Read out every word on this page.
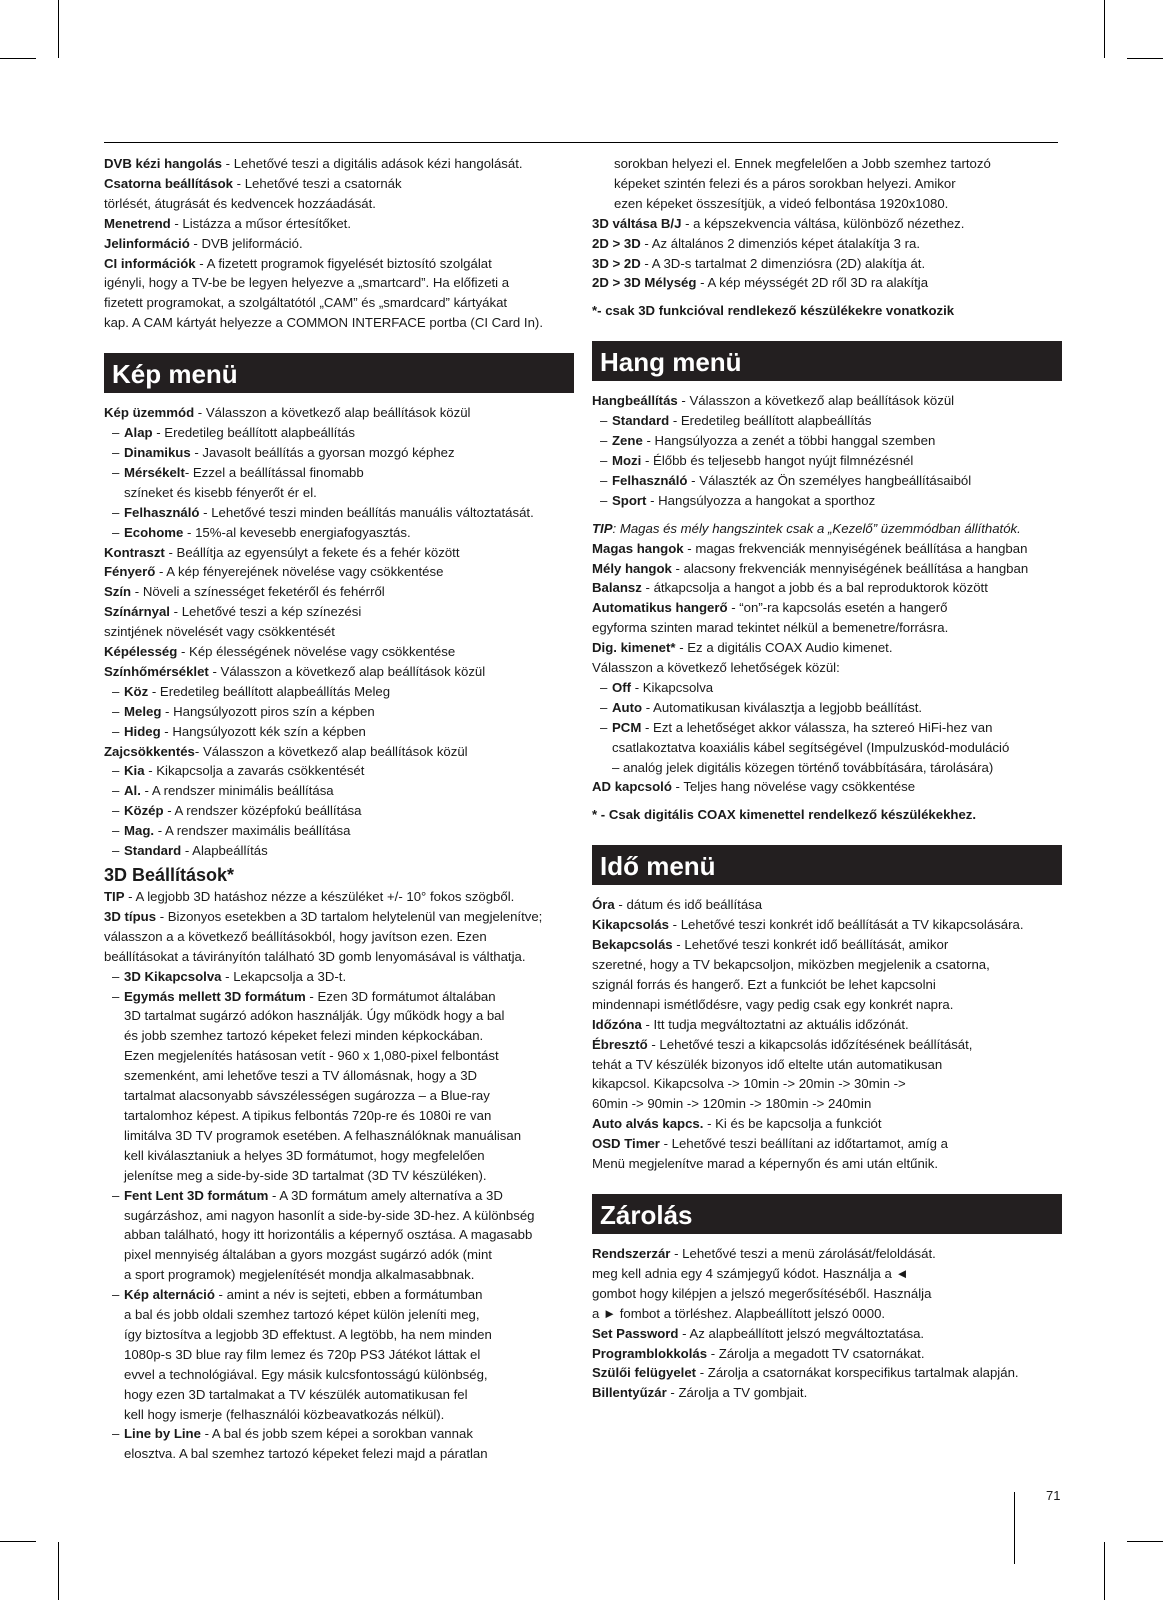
DVB kézi hangolás - Lehetővé teszi a digitális adások kézi hangolását.

Csatorna beállítások - Lehetővé teszi a csatornák

törlését, átugrását és kedvencek hozzáadását.

Menetrend - Listázza a műsor értesítőket.

Jelinformáció - DVB jeliformáció.

CI információk - A fizetett programok figyelését biztosító szolgálat

igényli, hogy a TV-be be legyen helyezve a „smartcard”. Ha előfizeti a

fizetett programokat, a szolgáltatótól „CAM” és „smardcard” kártyákat

kap. A CAM kártyát helyezze a COMMON INTERFACE portba (CI Card In).

Kép menü

Kép üzemmód - Válasszon a következő alap beállítások közül

– Alap - Eredetileg beállított alapbeállítás

– Dinamikus - Javasolt beállítás a gyorsan mozgó képhez

– Mérsékelt- Ezzel a beállítással finomabb

színeket és kisebb fényerőt ér el.

– Felhasználó - Lehetővé teszi minden beállítás manuális változtatását.

– Ecohome - 15%-al kevesebb energiafogyasztás.

Kontraszt - Beállítja az egyensúlyt a fekete és a fehér között

Fényerő - A kép fényerejének növelése vagy csökkentése

Szín - Növeli a színességet feketéről és fehérről

Színárnyal - Lehetővé teszi a kép színezési

szintjének növelését vagy csökkentését

Képélesség - Kép élességének növelése vagy csökkentése

Színhőmérséklet - Válasszon a következő alap beállítások közül

– Köz - Eredetileg beállított alapbeállítás Meleg

– Meleg - Hangsúlyozott piros szín a képben

– Hideg - Hangsúlyozott kék szín a képben

Zajcsökkentés- Válasszon a következő alap beállítások közül

– Kia - Kikapcsolja a zavarás csökkentését

– Al. - A rendszer minimális beállítása

– Közép - A rendszer középfokú beállítása

– Mag. - A rendszer maximális beállítása

– Standard - Alapbeállítás

3D Beállítások*

TIP - A legjobb 3D hatáshoz nézze a készüléket +/- 10° fokos szögből.

3D típus - Bizonyos esetekben a 3D tartalom helytelenül van megjelenítve;

válasszon a a következő beállításokból, hogy javítson ezen. Ezen

beállításokat a távirányítón található 3D gomb lenyomásával is válthatja.

– 3D Kikapcsolva - Lekapcsolja a 3D-t.

– Egymás mellett 3D formátum - Ezen 3D formátumot általában

3D tartalmat sugárzó adókon használják. Úgy működk hogy a bal

és jobb szemhez tartozó képeket felezi minden képkockában.

Ezen megjelenítés hatásosan vetít - 960 x 1,080-pixel felbontást

szemenként, ami lehetőve teszi a TV állomásnak, hogy a 3D

tartalmat alacsonyabb sávszélességen sugározza – a Blue-ray

tartalomhoz képest. A tipikus felbontás 720p-re és 1080i re van

limitálva 3D TV programok esetében. A felhasználóknak manuálisan

kell kiválasztaniuk a helyes 3D formátumot, hogy megfelelően

jelenítse meg a side-by-side 3D tartalmat (3D TV készüléken).

– Fent Lent 3D formátum - A 3D formátum amely alternatíva a 3D

sugárzáshoz, ami nagyon hasonlít a side-by-side 3D-hez. A különbség

abban található, hogy itt horizontális a képernyő osztása. A magasabb

pixel mennyiség általában a gyors mozgást sugárzó adók (mint

a sport programok) megjelenítését mondja alkalmasabbnak.

– Kép alternáció - amint a név is sejteti, ebben a formátumban

a bal és jobb oldali szemhez tartozó képet külön jeleníti meg,

így biztosítva a legjobb 3D effektust. A legtöbb, ha nem minden

1080p-s 3D blue ray film lemez és 720p PS3 Játékot láttak el

evvel a technológiával. Egy másik kulcsfontosságú különbség,

hogy ezen 3D tartalmakat a TV készülék automatikusan fel

kell hogy ismerje (felhasználói közbeavatkozás nélkül).

– Line by Line - A bal és jobb szem képei a sorokban vannak

elosztva. A bal szemhez tartozó képeket felezi majd a páratlan

sorokban helyezi el. Ennek megfelelően a Jobb szemhez tartozó

képeket szintén felezi és a páros sorokban helyezi. Amikor

ezen képeket összesítjük, a videó felbontása 1920x1080.

3D váltása B/J - a képszekvencia váltása, különböző nézethez.

2D > 3D - Az általános 2 dimenziós képet átalakítja 3 ra.

3D > 2D - A 3D-s tartalmat 2 dimenziósra (2D) alakítja át.

2D > 3D Mélység - A kép méysségét 2D ről 3D ra alakítja

*- csak 3D funkcióval rendlekező készülékekre vonatkozik

Hang menü

Hangbeállítás - Válasszon a következő alap beállítások közül

– Standard - Eredetileg beállított alapbeállítás

– Zene - Hangsúlyozza a zenét a többi hanggal szemben

– Mozi - Élőbb és teljesebb hangot nyújt filmnézésnél

– Felhasználó - Választék az Ön személyes hangbeállításaiból

– Sport - Hangsúlyozza a hangokat a sporthoz

TIP: Magas és mély hangszintek csak a „Kezelő” üzemmódban állíthatók.

Magas hangok - magas frekvenciák mennyiségének beállítása a hangban

Mély hangok - alacsony frekvenciák mennyiségének beállítása a hangban

Balansz - átkapcsolja a hangot a jobb és a bal reproduktorok között

Automatikus hangerő - “on”-ra kapcsolás esetén a hangerő

egyforma szinten marad tekintet nélkül a bemenetre/forrásra.

Dig. kimenet* - Ez a digitális COAX Audio kimenet.

Válasszon a következő lehetőségek közül:

– Off - Kikapcsolva

– Auto - Automatikusan kiválasztja a legjobb beállítást.

– PCM - Ezt a lehetőséget akkor válassza, ha sztereó HiFi-hez van

csatlakoztatva koaxiális kábel segítségével (Impulzuskód-moduláció

– analóg jelek digitális közegen történő továbbítására, tárolására)

AD kapcsoló - Teljes hang növelése vagy csökkentése

* - Csak digitális COAX kimenettel rendelkező készülékekhez.

Idő menü

Óra - dátum és idő beállítása

Kikapcsolás - Lehetővé teszi konkrét idő beállítását a TV kikapcsolására.

Bekapcsolás - Lehetővé teszi konkrét idő beállítását, amikor

szeretné, hogy a TV bekapcsoljon, miközben megjelenik a csatorna,

szignál forrás és hangerő. Ezt a funkciót be lehet kapcsolni

mindennapi ismétlődésre, vagy pedig csak egy konkrét napra.

Időzóna - Itt tudja megváltoztatni az aktuális időzónát.

Ébresztő - Lehetővé teszi a kikapcsolás időzítésének beállítását,

tehát a TV készülék bizonyos idő eltelte után automatikusan

kikapcsol. Kikapcsolva -> 10min -> 20min -> 30min ->

60min -> 90min -> 120min -> 180min -> 240min

Auto alvás kapcs. - Ki és be kapcsolja a funkciót

OSD Timer - Lehetővé teszi beállítani az időtartamot, amíg a

Menü megjelenítve marad a képernyőn és ami után eltűnik.

Zárolás

Rendszerzár - Lehetővé teszi a menü zárolását/feloldását.

meg kell adnia egy 4 számjegyű kódot. Használja a ◄

gombot hogy kilépjen a jelszó megerősítéséből. Használja

a ► fombot a törléshez. Alapbeállított jelszó 0000.

Set Password - Az alapbeállított jelszó megváltoztatása.

Programblokkolás - Zárolja a megadott TV csatornákat.

Szülői felügyelet - Zárolja a csatornákat korspecifikus tartalmak alapján.

Billentyűzár - Zárolja a TV gombjait.

71
